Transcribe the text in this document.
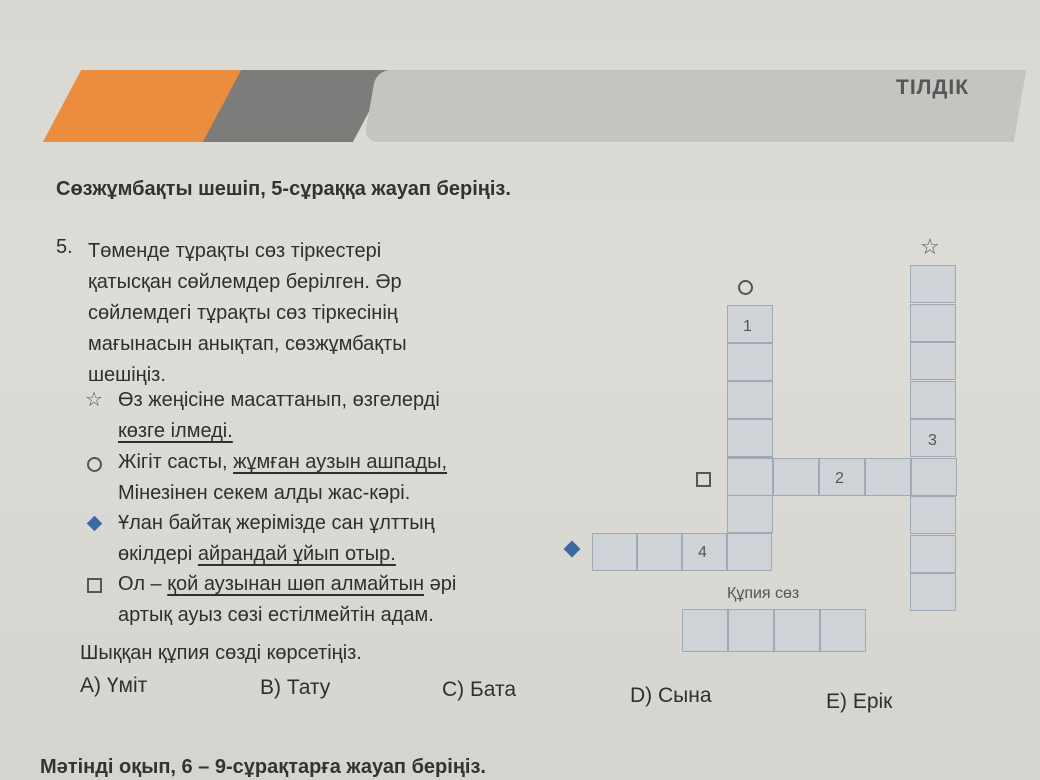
ТІЛДІК
Сөзжұмбақты шешіп, 5-сұраққа жауап беріңіз.
5. Төменде тұрақты сөз тіркестері
қатысқан сөйлемдер берілген. Әр
сөйлемдегі тұрақты сөз тіркесінің
мағынасын анықтап, сөзжұмбақты
шешіңіз.
☆ Өз жеңісіне масаттанып, өзгелерді
көзге ілмеді.
Жігіт састы, жұмған аузын ашпады,
Мінезінен секем алды жас-кәрі.
Ұлан байтақ жерімізде сан ұлттың
өкілдері айрандай ұйып отыр.
Ол – қой аузынан шөп алмайтын әрі
артық ауыз сөзі естілмейтін адам.
Шыққан құпия сөзді көрсетіңіз.
A) Үміт	B) Тату	C) Бата	D) Сына	E) Ерік
Мәтінді оқып, 6 – 9-сұрақтарға жауап беріңіз.
☆
1
2
3
4
Құпия сөз
